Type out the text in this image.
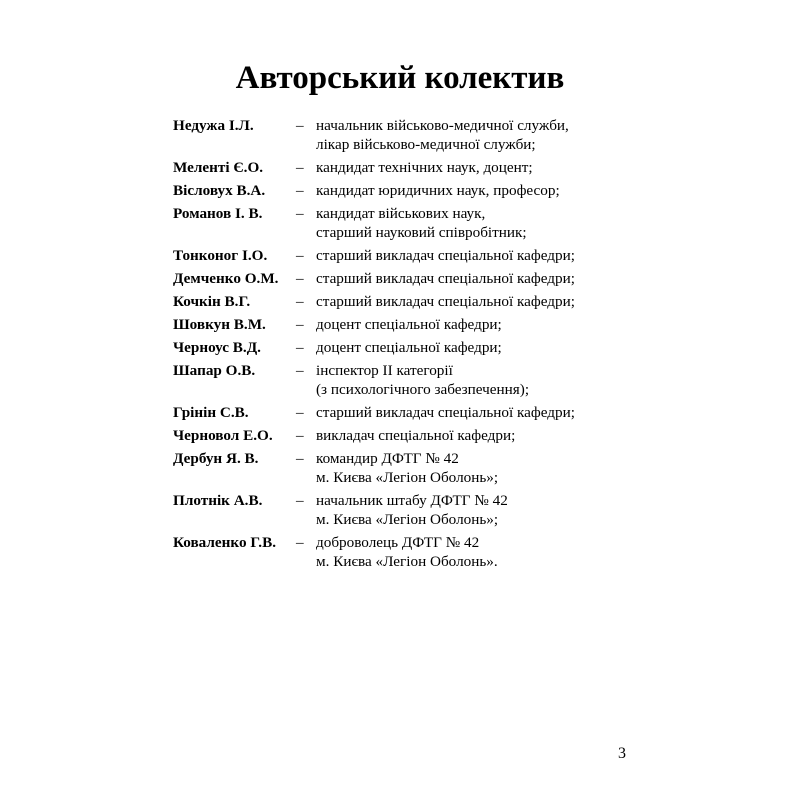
Авторський колектив
Недужа І.Л.	– начальник військово-медичної служби,
лікар військово-медичної служби;
Меленті Є.О.	– кандидат технічних наук, доцент;
Вісловух В.А.	– кандидат юридичних наук, професор;
Романов І. В.	– кандидат військових наук,
старший науковий співробітник;
Тонконог І.О.	– старший викладач спеціальної кафедри;
Демченко О.М.	– старший викладач спеціальної кафедри;
Кочкін В.Г.	– старший викладач спеціальної кафедри;
Шовкун В.М.	– доцент спеціальної кафедри;
Черноус В.Д.	– доцент спеціальної кафедри;
Шапар О.В.	– інспектор II категорії
(з психологічного забезпечення);
Грінін С.В.	– старший викладач спеціальної кафедри;
Черновол Е.О.	– викладач спеціальної кафедри;
Дербун Я. В.	– командир ДФТГ № 42
м. Києва «Легіон Оболонь»;
Плотнік А.В.	– начальник штабу ДФТГ № 42
м. Києва «Легіон Оболонь»;
Коваленко Г.В.	– доброволець ДФТГ № 42
м. Києва «Легіон Оболонь».
3
